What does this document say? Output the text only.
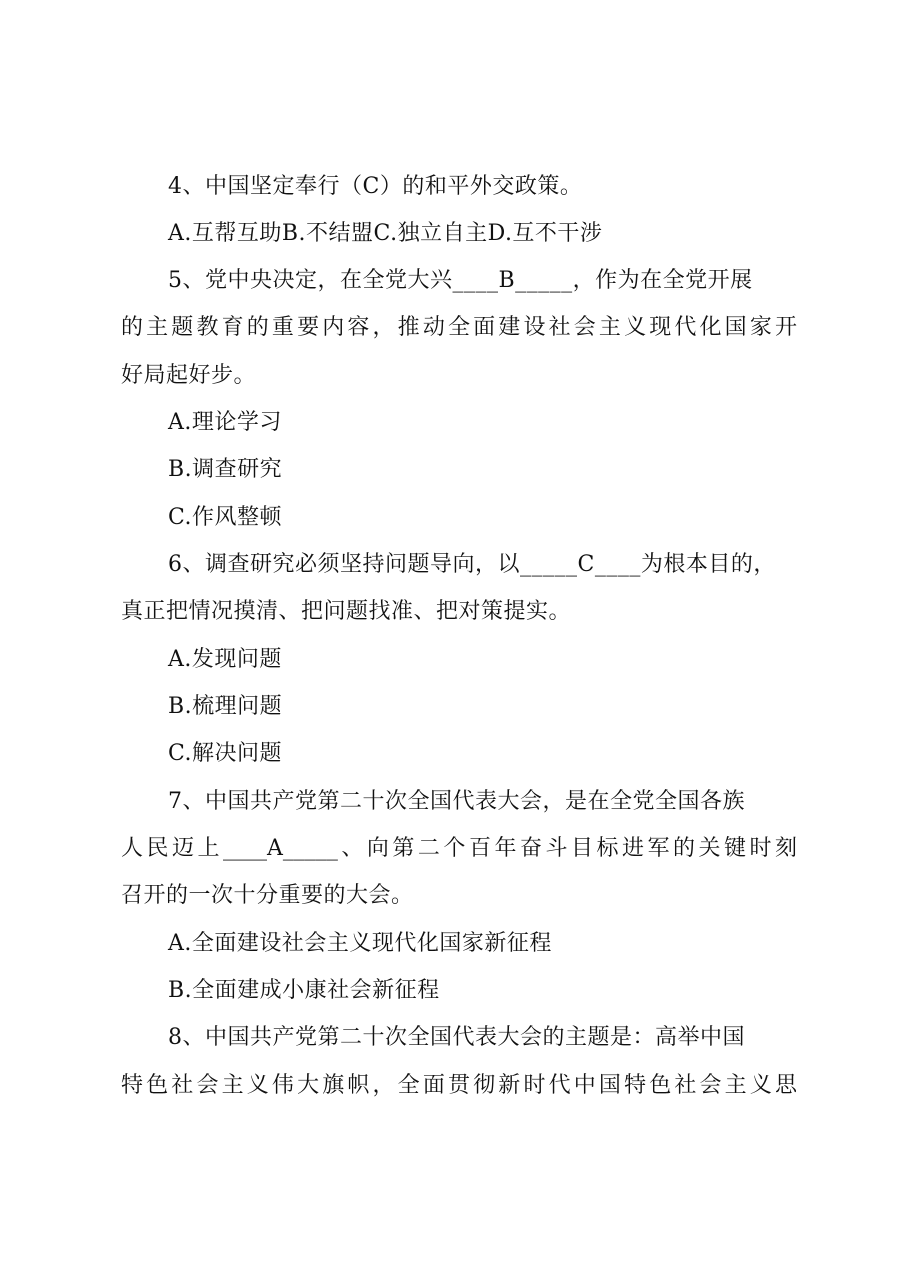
4、中国坚定奉行（C）的和平外交政策。
A.互帮互助B.不结盟C.独立自主D.互不干涉
5、党中央决定，在全党大兴____B_____，作为在全党开展
的主题教育的重要内容，推动全面建设社会主义现代化国家开
好局起好步。
A.理论学习
B.调查研究
C.作风整顿
6、调查研究必须坚持问题导向，以_____C____为根本目的，
真正把情况摸清、把问题找准、把对策提实。
A.发现问题
B.梳理问题
C.解决问题
7、中国共产党第二十次全国代表大会，是在全党全国各族
人民迈上____A_____、向第二个百年奋斗目标进军的关键时刻
召开的一次十分重要的大会。
A.全面建设社会主义现代化国家新征程
B.全面建成小康社会新征程
8、中国共产党第二十次全国代表大会的主题是：高举中国
特色社会主义伟大旗帜，全面贯彻新时代中国特色社会主义思
